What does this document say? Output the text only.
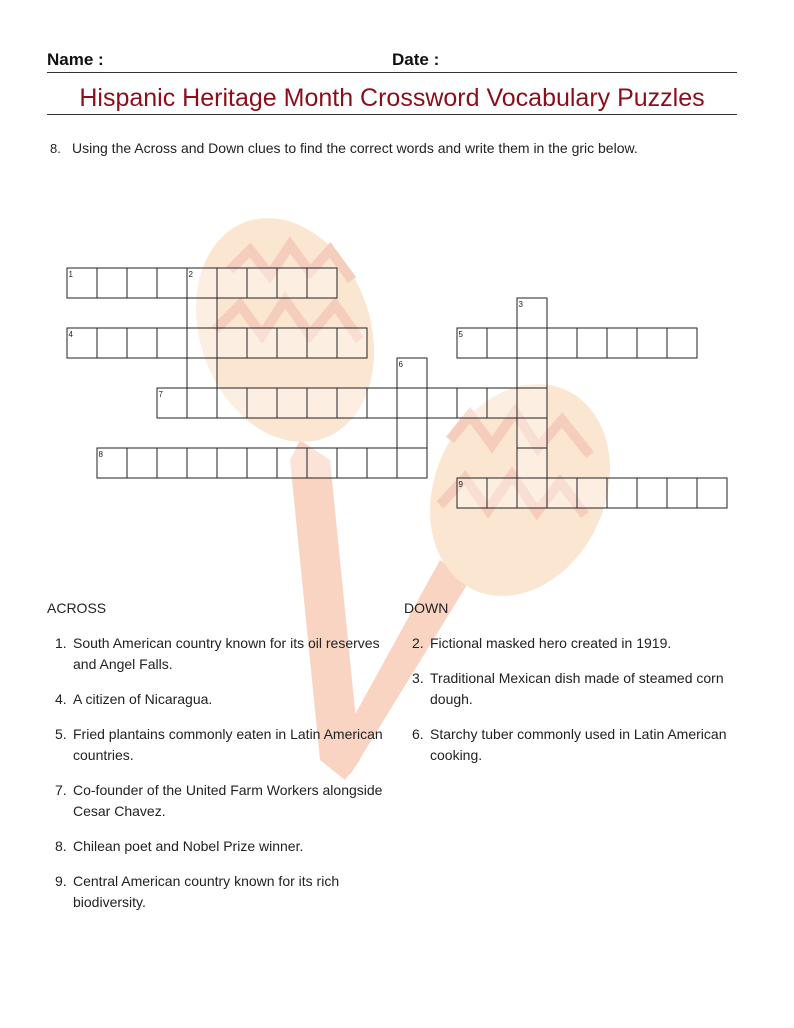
Name :	Date :
Hispanic Heritage Month Crossword Vocabulary Puzzles
8. Using the Across and Down clues to find the correct words and write them in the gric below.
1	2
3
4	5
6
7
8
9
ACROSS	DOWN
1. South American country known for its oil reserves and Angel Falls.
4. A citizen of Nicaragua.
5. Fried plantains commonly eaten in Latin American countries.
7. Co-founder of the United Farm Workers alongside Cesar Chavez.
8. Chilean poet and Nobel Prize winner.
9. Central American country known for its rich biodiversity.
2. Fictional masked hero created in 1919.
3. Traditional Mexican dish made of steamed corn dough.
6. Starchy tuber commonly used in Latin American cooking.
